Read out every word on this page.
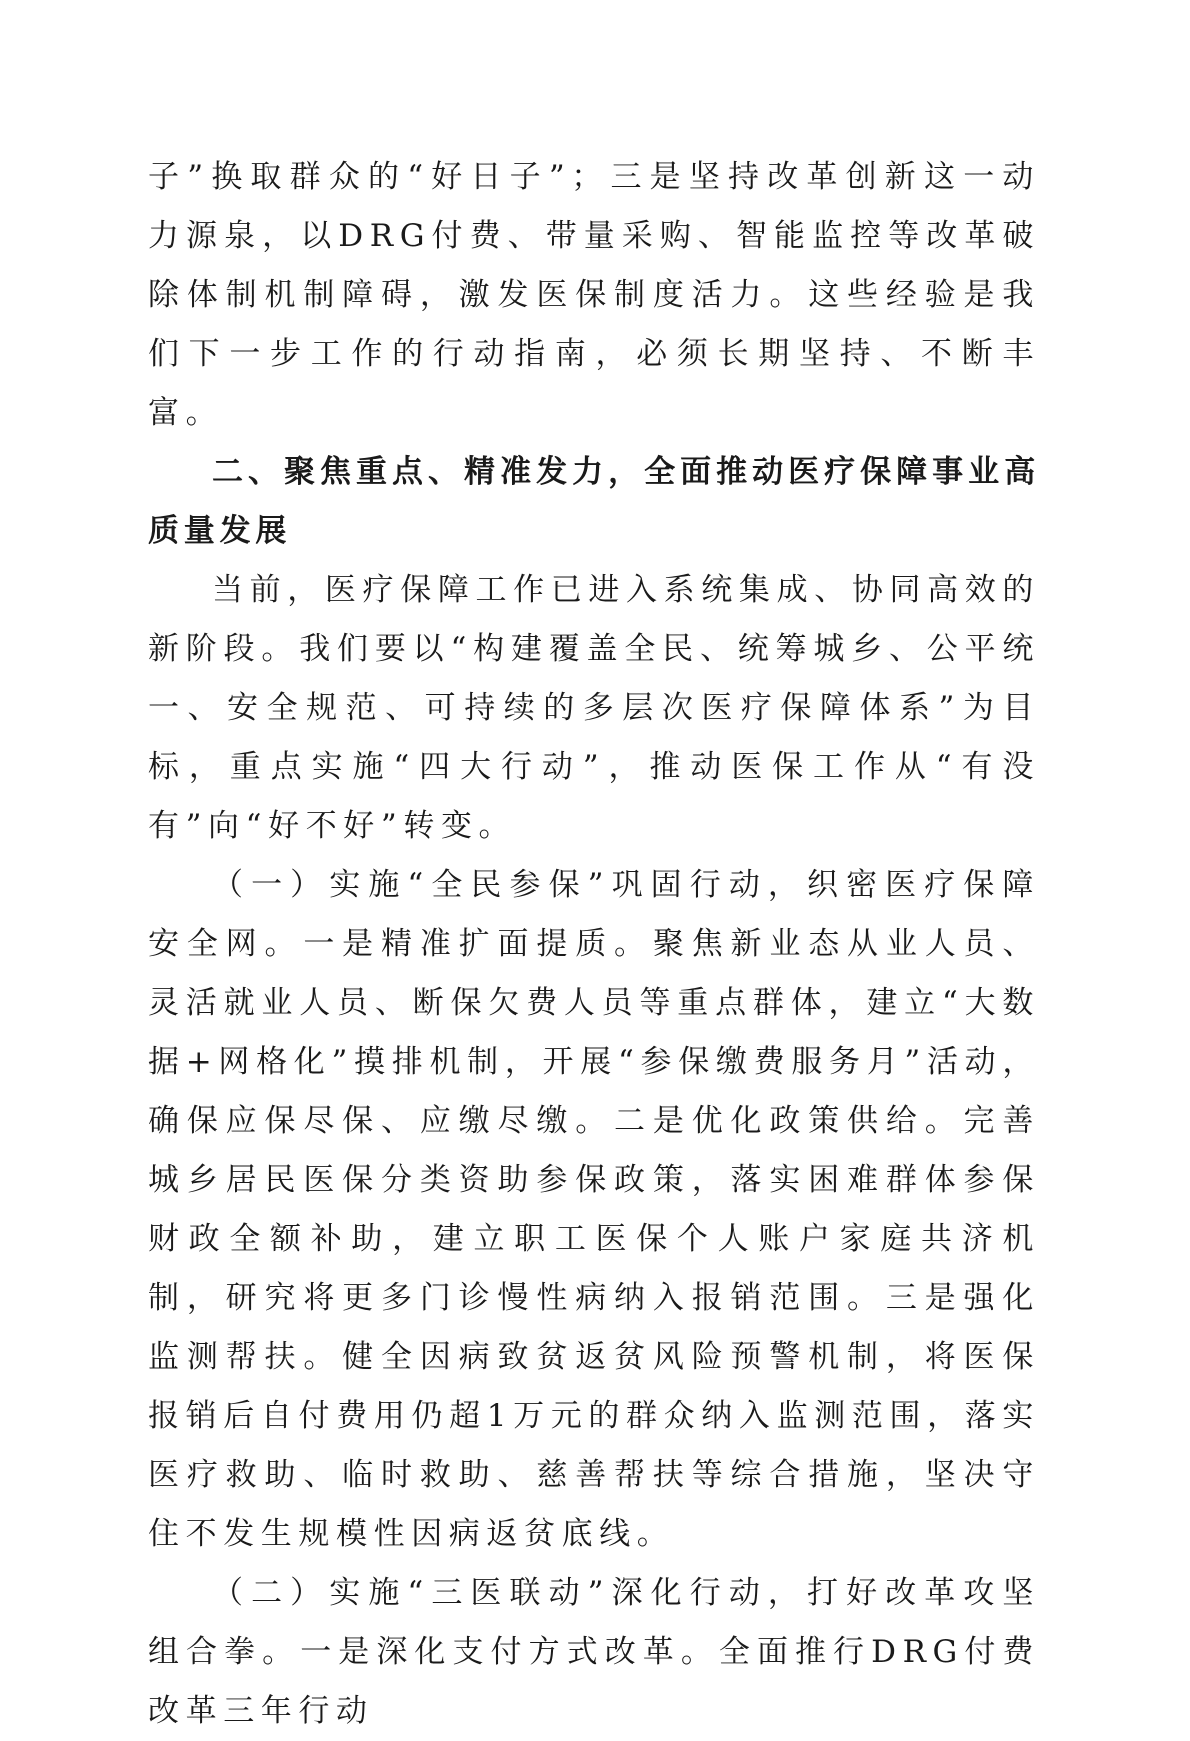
子”换取群众的“好日子”；三是坚持改革创新这一动力源泉，以DRG付费、带量采购、智能监控等改革破除体制机制障碍，激发医保制度活力。这些经验是我们下一步工作的行动指南，必须长期坚持、不断丰富。

二、聚焦重点、精准发力，全面推动医疗保障事业高质量发展

当前，医疗保障工作已进入系统集成、协同高效的新阶段。我们要以“构建覆盖全民、统筹城乡、公平统一、安全规范、可持续的多层次医疗保障体系”为目标，重点实施“四大行动”，推动医保工作从“有没有”向“好不好”转变。

（一）实施“全民参保”巩固行动，织密医疗保障安全网。一是精准扩面提质。聚焦新业态从业人员、灵活就业人员、断保欠费人员等重点群体，建立“大数据+网格化”摸排机制，开展“参保缴费服务月”活动，确保应保尽保、应缴尽缴。二是优化政策供给。完善城乡居民医保分类资助参保政策，落实困难群体参保财政全额补助，建立职工医保个人账户家庭共济机制，研究将更多门诊慢性病纳入报销范围。三是强化监测帮扶。健全因病致贫返贫风险预警机制，将医保报销后自付费用仍超1万元的群众纳入监测范围，落实医疗救助、临时救助、慈善帮扶等综合措施，坚决守住不发生规模性因病返贫底线。

（二）实施“三医联动”深化行动，打好改革攻坚组合拳。一是深化支付方式改革。全面推行DRG付费改革三年行动
